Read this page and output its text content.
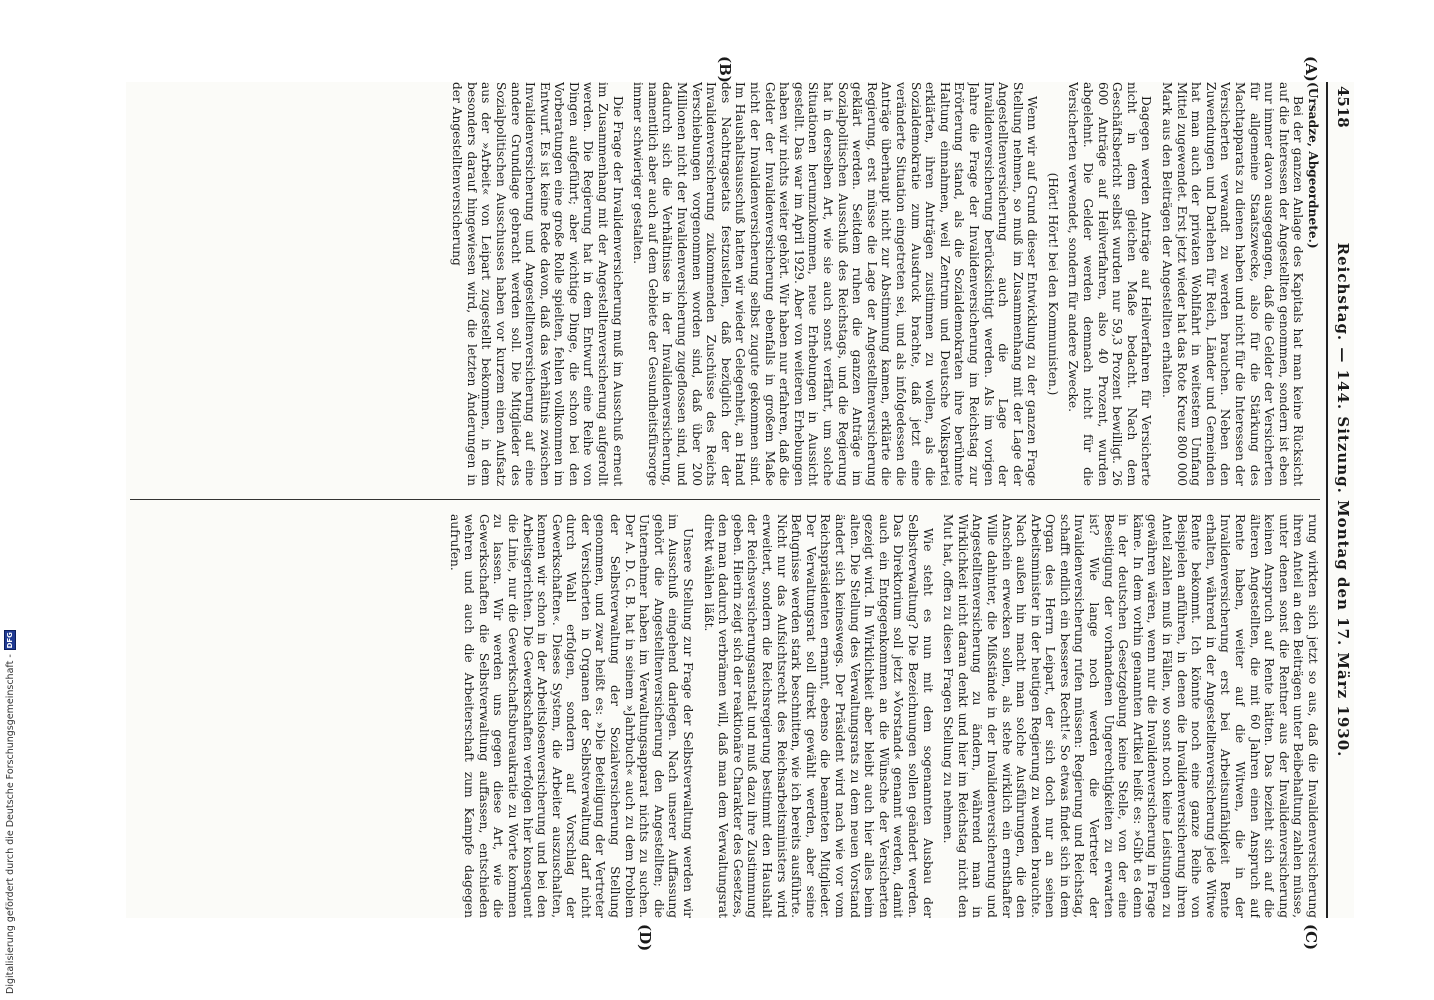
4518
Reichstag. — 144. Sitzung. Montag den 17. März 1930.
(A)
(B)
(C)
(D)

(Ursadze, Abgeordnete.)

Bei der ganzen Anlage des Kapitals hat man keine Rücksicht auf die Interessen der Angestellten genommen, sondern ist eben nur immer davon ausgegangen, daß die Gelder der Versicherten für allgemeine Staatszwecke, also für die Stärkung des Machtapparats zu dienen haben und nicht für die Interessen der Versicherten verwandt zu werden brauchen. Neben den Zuwendungen und Darlehen für Reich, Länder und Gemeinden hat man auch der privaten Wohlfahrt in weitestem Umfang Mittel zugewendet. Erst jetzt wieder hat das Rote Kreuz 800 000 Mark aus den Beiträgen der Angestellten erhalten.

Dagegen werden Anträge auf Heilverfahren für Versicherte nicht in dem gleichen Maße bedacht. Nach dem Geschäftsbericht selbst wurden nur 59,3 Prozent bewilligt. 26 600 Anträge auf Heilverfahren, also 40 Prozent, wurden abgelehnt. Die Gelder werden demnach nicht für die Versicherten verwendet, sondern für andere Zwecke.

(Hört! Hört! bei den Kommunisten.)

Wenn wir auf Grund dieser Entwicklung zu der ganzen Frage Stellung nehmen, so muß im Zusammenhang mit der Lage der Angestelltenversicherung auch die Lage der Invalidenversicherung berücksichtigt werden. Als im vorigen Jahre die Frage der Invalidenversicherung im Reichstag zur Erörterung stand, als die Sozialdemokraten ihre berühmte Haltung einnahmen, weil Zentrum und Deutsche Volkspartei erklärten, ihren Anträgen zustimmen zu wollen, als die Sozialdemokratie zum Ausdruck brachte, daß jetzt eine veränderte Situation eingetreten sei, und als infolgedessen die Anträge überhaupt nicht zur Abstimmung kamen, erklärte die Regierung, erst müsse die Lage der Angestelltenversicherung geklärt werden. Seitdem ruhen die ganzen Anträge im Sozialpolitischen Ausschuß des Reichstags, und die Regierung hat in derselben Art, wie sie auch sonst verfährt, um solche Situationen herumzukommen, neue Erhebungen in Aussicht gestellt. Das war im April 1929. Aber von weiteren Erhebungen haben wir nichts weiter gehört. Wir haben nur erfahren, daß die Gelder der Invalidenversicherung ebenfalls in großem Maße nicht der Invalidenversicherung selbst zugute gekommen sind. Im Haushaltsausschuß hatten wir wieder Gelegenheit, an Hand des Nachtragsetats festzustellen, daß bezüglich der der Invalidenversicherung zukommenden Zuschüsse des Reichs Verschiebungen vorgenommen worden sind, daß über 200 Millionen nicht der Invalidenversicherung zugeflossen sind, und dadurch sich die Verhältnisse in der Invalidenversicherung, namentlich aber auch auf dem Gebiete der Gesundheitsfürsorge immer schwieriger gestalten.

Die Frage der Invalidenversicherung muß im Ausschuß erneut im Zusammenhang mit der Angestelltenversicherung aufgerollt werden. Die Regierung hat in dem Entwurf eine Reihe von Dingen aufgeführt; aber wichtige Dinge, die schon bei den Vorberatungen eine große Rolle spielten, fehlen vollkommen im Entwurf. Es ist keine Rede davon, daß das Verhältnis zwischen Invalidenversicherung und Angestelltenversicherung auf eine andere Grundlage gebracht werden soll. Die Mitglieder des Sozialpolitischen Ausschusses haben vor kurzem einen Aufsatz aus der »Arbeit« von Leipart zugestellt bekommen, in dem besonders darauf hingewiesen wird, die letzten Änderungen in der Angestelltenversicherung

rung wirkten sich jetzt so aus, daß die Invalidenversicherung ihren Anteil an den Beiträgen unter Beibehaltung zahlen müsse, unter denen sonst die Rentner aus der Invalidenversicherung keinen Anspruch auf Rente hätten. Das bezieht sich auf die älteren Angestellten, die mit 60 Jahren einen Anspruch auf Rente haben, weiter auf die Witwen, die in der Invalidenversicherung erst bei Arbeitsunfähigkeit Rente erhalten, während in der Angestelltenversicherung jede Witwe Rente bekommt. Ich könnte noch eine ganze Reihe von Beispielen anführen, in denen die Invalidenversicherung ihren Anteil zahlen muß in Fällen, wo sonst noch keine Leistungen zu gewähren wären, wenn nur die Invalidenversicherung in Frage käme. In dem vorhin genannten Artikel heißt es: »Gibt es denn in der deutschen Gesetzgebung keine Stelle, von der eine Beseitigung der vorhandenen Ungerechtigkeiten zu erwarten ist? Wie lange noch werden die Vertreter der Invalidenversicherung rufen müssen: Regierung und Reichstag, schafft endlich ein besseres Recht!« So etwas findet sich in dem Organ des Herrn Leipart, der sich doch nur an seinen Arbeitsminister in der heutigen Regierung zu wenden brauchte. Nach außen hin macht man solche Ausführungen, die den Anschein erwecken sollen, als stehe wirklich ein ernsthafter Wille dahinter, die Mißstände in der Invalidenversicherung und Angestelltenversicherung zu ändern, während man in Wirklichkeit nicht daran denkt und hier im Reichstag nicht den Mut hat, offen zu diesen Fragen Stellung zu nehmen.

Wie steht es nun mit dem sogenannten Ausbau der Selbstverwaltung? Die Bezeichnungen sollen geändert werden. Das Direktorium soll jetzt »Vorstand« genannt werden, damit auch ein Entgegenkommen an die Wünsche der Versicherten gezeigt wird. In Wirklichkeit aber bleibt auch hier alles beim alten. Die Stellung des Verwaltungsrats zu dem neuen Vorstand ändert sich keineswegs. Der Präsident wird nach wie vor vom Reichspräsidenten ernannt, ebenso die beamteten Mitglieder. Der Verwaltungsrat soll direkt gewählt werden, aber seine Befugnisse werden stark beschnitten, wie ich bereits ausführte. Nicht nur das Aufsichtsrecht des Reichsarbeitsministers wird erweitert, sondern die Reichsregierung bestimmt den Haushalt der Reichsversicherungsanstalt und muß dazu ihre Zustimmung geben. Hierin zeigt sich der reaktionäre Charakter des Gesetzes, den man dadurch verbrämen will, daß man dem Verwaltungsrat direkt wählen läßt.

Unsere Stellung zur Frage der Selbstverwaltung werden wir im Ausschuß eingehend darlegen. Nach unserer Auffassung gehört die Angestelltenversicherung den Angestellten; die Unternehmer haben im Verwaltungsapparat nichts zu suchen. Der A. D. G. B. hat in seinem »Jahrbuch« auch zu dem Problem der Selbstverwaltung der Sozialversicherung Stellung genommen, und zwar heißt es: »Die Beteiligung der Vertreter der Versicherten in Organen der Selbstverwaltung darf nicht durch Wahl erfolgen, sondern auf Vorschlag der Gewerkschaften«. Dieses System, die Arbeiter auszuschalten, kennen wir schon in der Arbeitslosenversicherung und bei den Arbeitsgerichten. Die Gewerkschaften verfolgen hier konsequent die Linie, nur die Gewerkschaftsbureaukratie zu Worte kommen zu lassen. Wir werden uns gegen diese Art, wie die Gewerkschaften die Selbstverwaltung auffassen, entschieden wehren und auch die Arbeiterschaft zum Kampfe dagegen aufrufen.

Digitalisierung gefördert durch die Deutsche Forschungsgemeinschaft -
DFG
